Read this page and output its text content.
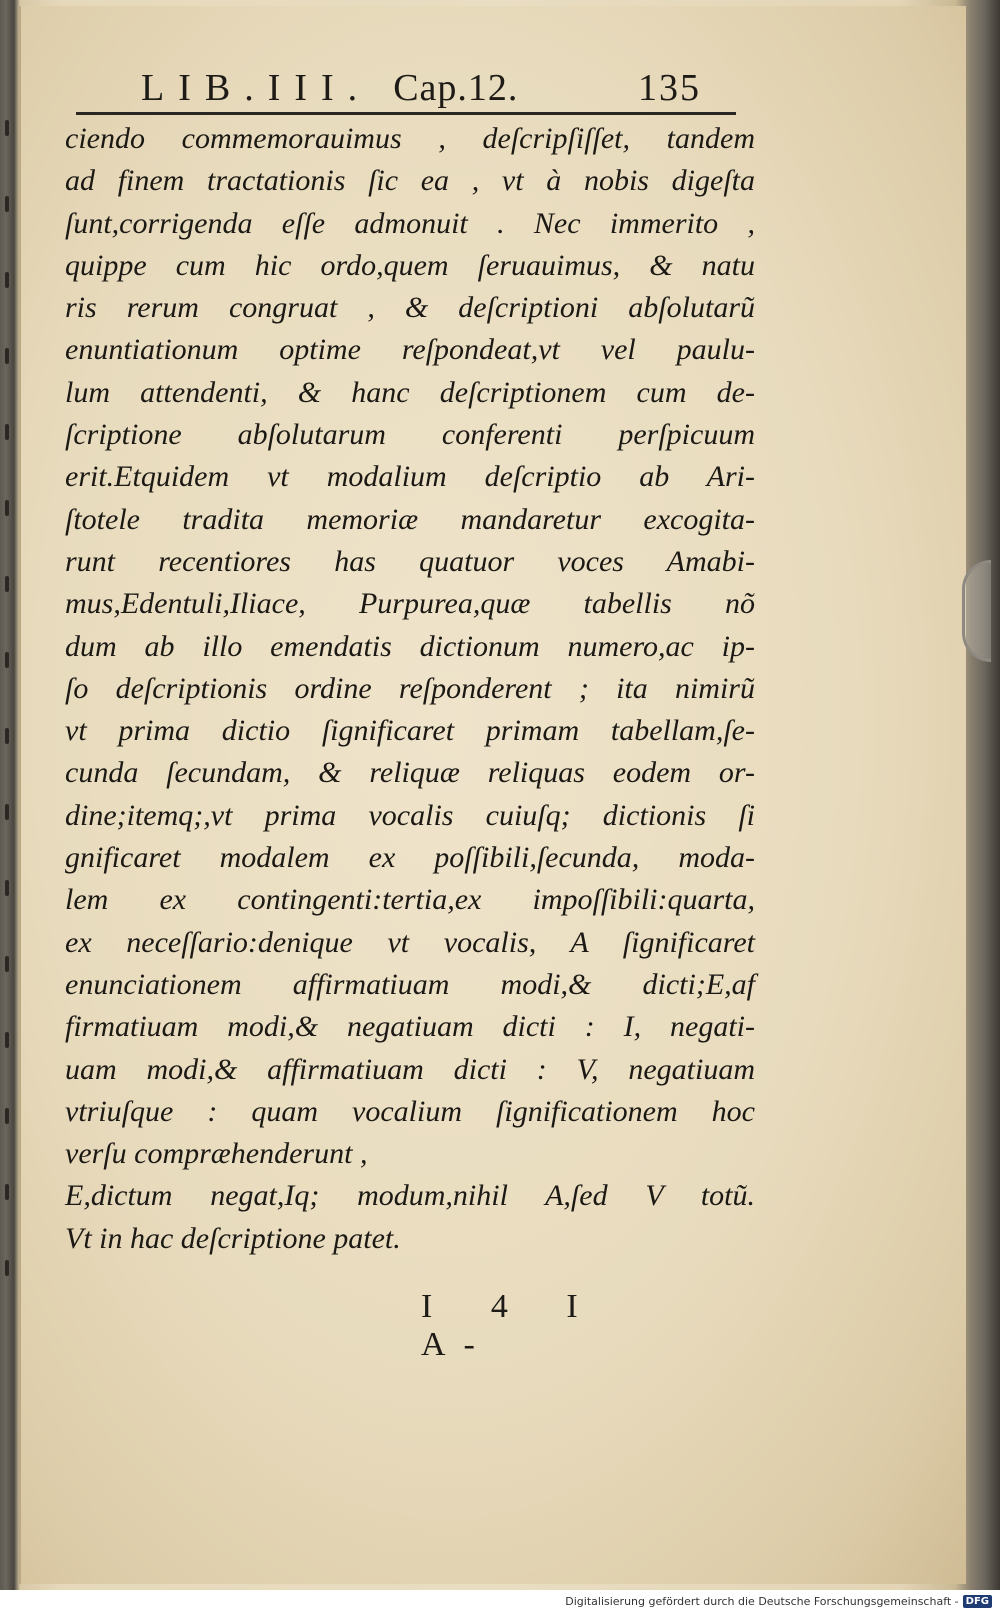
LIB. III. Cap.12.	135
ciendo commemorauimus , deſcripſiſſet, tandem
ad finem tractationis ſic ea , vt à nobis digeſta
ſunt,corrigenda eſſe admonuit . Nec immerito ,
quippe cum hic ordo,quem ſeruauimus, & natu
ris rerum congruat , & deſcriptioni abſolutarũ
enuntiationum optime reſpondeat,vt vel paulu-
lum attendenti, & hanc deſcriptionem cum de-
ſcriptione abſolutarum conferenti perſpicuum
erit.Etquidem vt modalium deſcriptio ab Ari-
ſtotele tradita memoriæ mandaretur excogita-
runt recentiores has quatuor voces Amabi-
mus,Edentuli,Iliace, Purpurea,quæ tabellis nõ
dum ab illo emendatis dictionum numero,ac ip-
ſo deſcriptionis ordine reſponderent ; ita nimirũ
vt prima dictio ſignificaret primam tabellam,ſe-
cunda ſecundam, & reliquæ reliquas eodem or-
dine;itemq;,vt prima vocalis cuiuſq; dictionis ſi
gnificaret modalem ex poſſibili,ſecunda, moda-
lem ex contingenti:tertia,ex impoſſibili:quarta,
ex neceſſario:denique vt vocalis, A ſignificaret
enunciationem affirmatiuam modi,& dicti;E,af
firmatiuam modi,& negatiuam dicti : I, negati-
uam modi,& affirmatiuam dicti : V, negatiuam
vtriuſque : quam vocalium ſignificationem hoc
verſu compræhenderunt ,
E,dictum negat,Iq; modum,nihil A,ſed V totũ.
Vt in hac deſcriptione patet.
I 4 I A-
Digitalisierung gefördert durch die Deutsche Forschungsgemeinschaft - DFG
